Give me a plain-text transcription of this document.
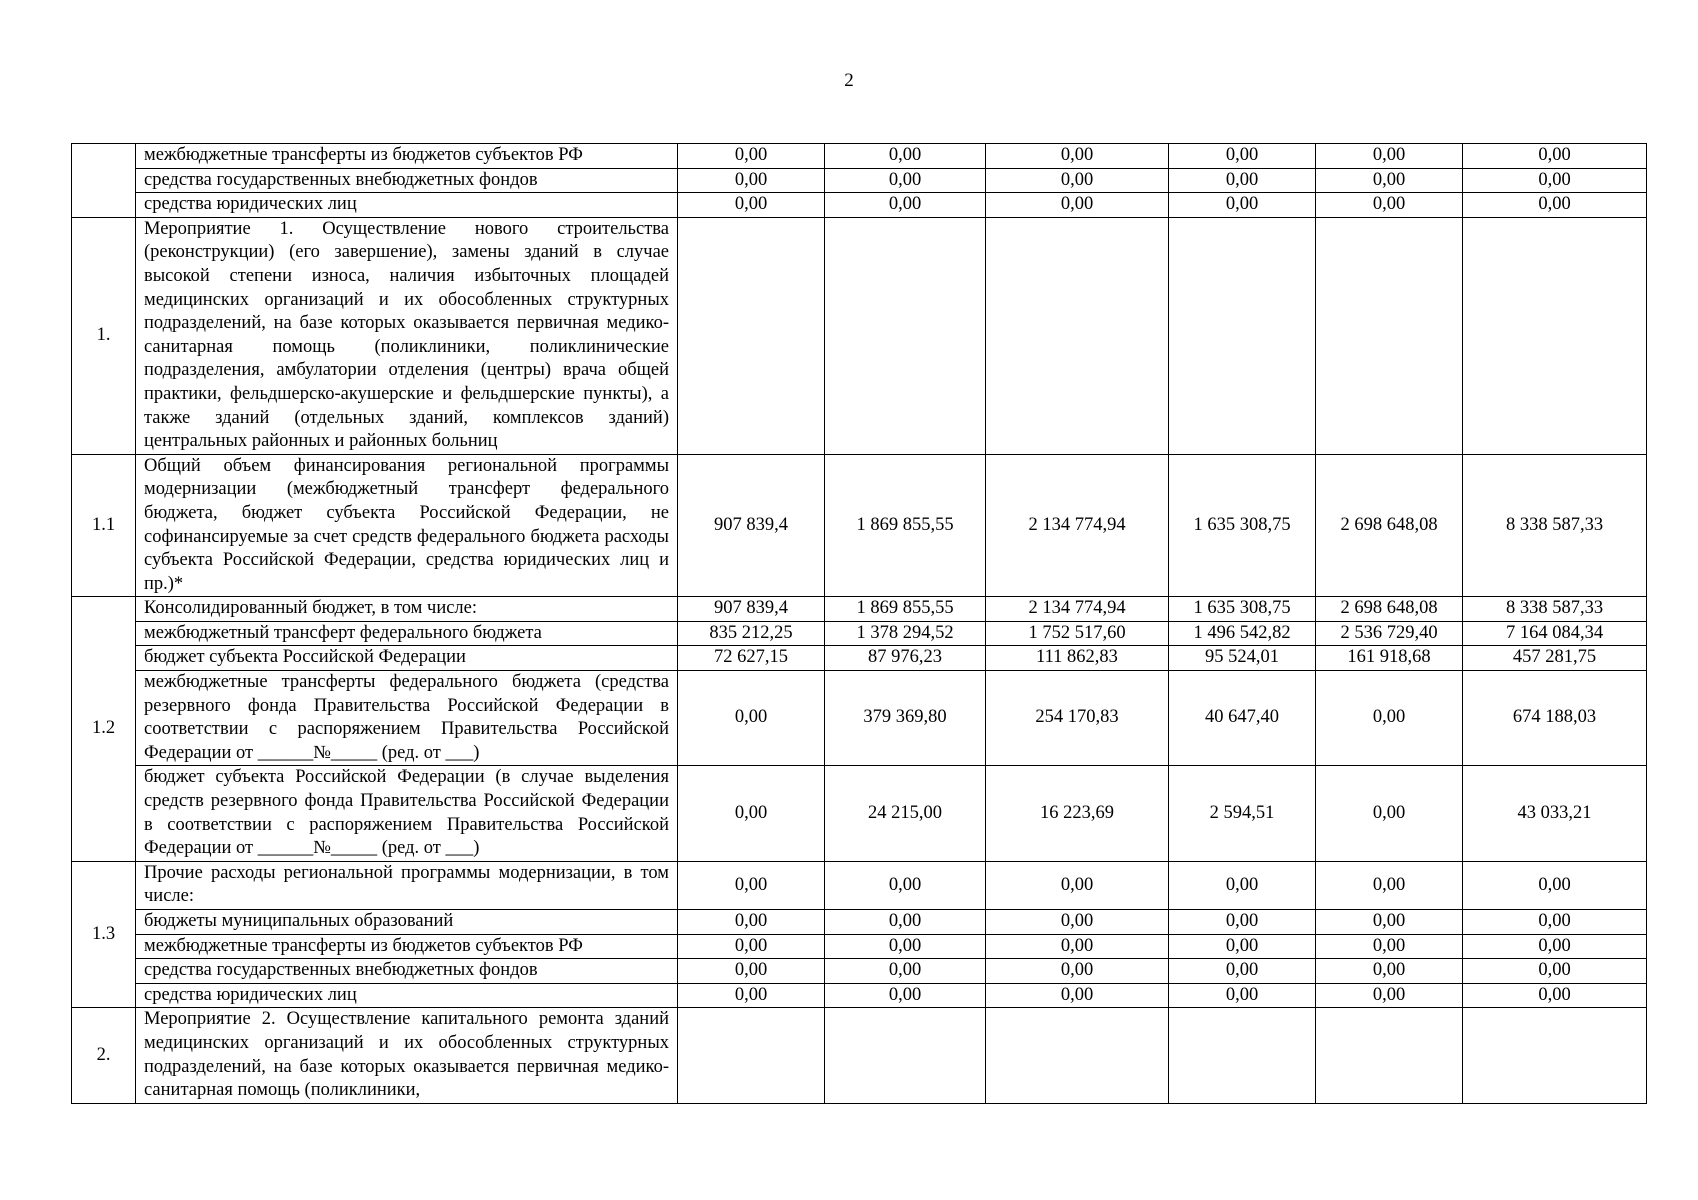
2
	межбюджетные трансферты из бюджетов субъектов РФ	0,00	0,00	0,00	0,00	0,00	0,00
	средства государственных внебюджетных фондов	0,00	0,00	0,00	0,00	0,00	0,00
	средства юридических лиц	0,00	0,00	0,00	0,00	0,00	0,00
1.	Мероприятие 1. Осуществление нового строительства (реконструкции) (его завершение), замены зданий в случае высокой степени износа, наличия избыточных площадей медицинских организаций и их обособленных структурных подразделений, на базе которых оказывается первичная медико-санитарная помощь (поликлиники, поликлинические подразделения, амбулатории отделения (центры) врача общей практики, фельдшерско-акушерские и фельдшерские пункты), а также зданий (отдельных зданий, комплексов зданий) центральных районных и районных больниц						
1.1	Общий объем финансирования региональной программы модернизации (межбюджетный трансферт федерального бюджета, бюджет субъекта Российской Федерации, не софинансируемые за счет средств федерального бюджета расходы субъекта Российской Федерации, средства юридических лиц и пр.)*	907 839,4	1 869 855,55	2 134 774,94	1 635 308,75	2 698 648,08	8 338 587,33
1.2	Консолидированный бюджет, в том числе:	907 839,4	1 869 855,55	2 134 774,94	1 635 308,75	2 698 648,08	8 338 587,33
	межбюджетный трансферт федерального бюджета	835 212,25	1 378 294,52	1 752 517,60	1 496 542,82	2 536 729,40	7 164 084,34
	бюджет субъекта Российской Федерации	72 627,15	87 976,23	111 862,83	95 524,01	161 918,68	457 281,75
	межбюджетные трансферты федерального бюджета (средства резервного фонда Правительства Российской Федерации в соответствии с распоряжением Правительства Российской Федерации от ______№_____ (ред. от ___)	0,00	379 369,80	254 170,83	40 647,40	0,00	674 188,03
	бюджет субъекта Российской Федерации (в случае выделения средств резервного фонда Правительства Российской Федерации в соответствии с распоряжением Правительства Российской Федерации от ______№_____ (ред. от ___)	0,00	24 215,00	16 223,69	2 594,51	0,00	43 033,21
1.3	Прочие расходы региональной программы модернизации, в том числе:	0,00	0,00	0,00	0,00	0,00	0,00
	бюджеты муниципальных образований	0,00	0,00	0,00	0,00	0,00	0,00
	межбюджетные трансферты из бюджетов субъектов РФ	0,00	0,00	0,00	0,00	0,00	0,00
	средства государственных внебюджетных фондов	0,00	0,00	0,00	0,00	0,00	0,00
	средства юридических лиц	0,00	0,00	0,00	0,00	0,00	0,00
2.	Мероприятие 2. Осуществление капитального ремонта зданий медицинских организаций и их обособленных структурных подразделений, на базе которых оказывается первичная медико-санитарная помощь (поликлиники,						
